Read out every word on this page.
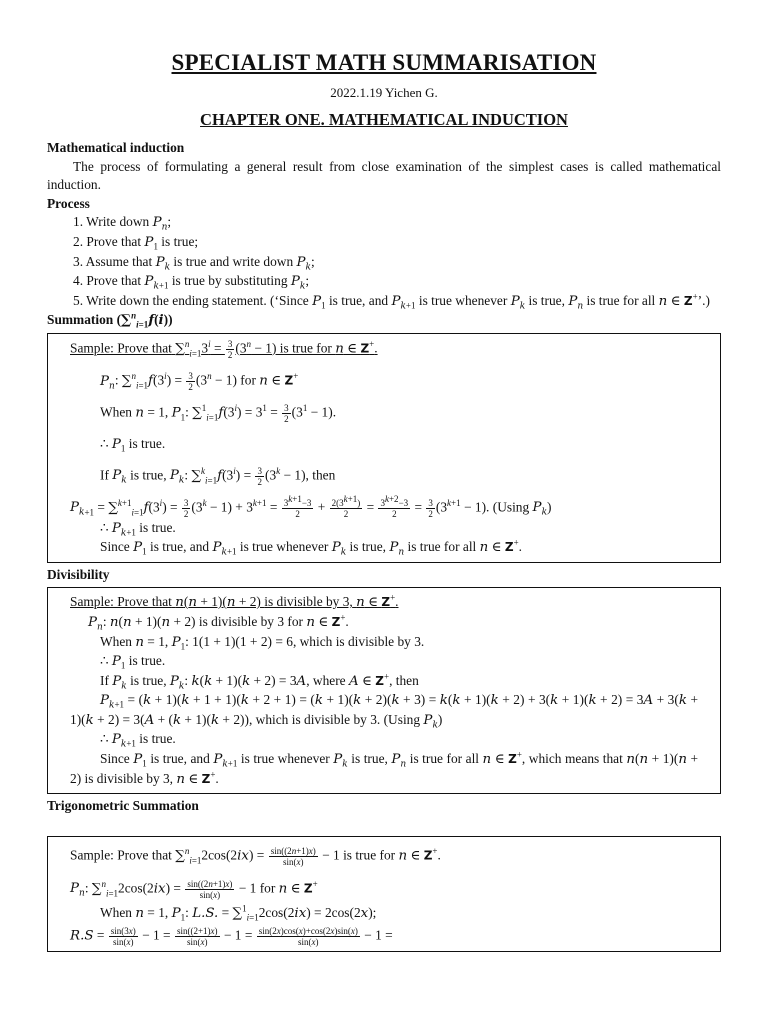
SPECIALIST MATH SUMMARISATION
2022.1.19 Yichen G.
CHAPTER ONE. MATHEMATICAL INDUCTION
Mathematical induction
The process of formulating a general result from close examination of the simplest cases is called mathematical induction.
Process
1. Write down $P_n$;
2. Prove that $P_1$ is true;
3. Assume that $P_k$ is true and write down $P_k$;
4. Prove that $P_{k+1}$ is true by substituting $P_k$;
5. Write down the ending statement. (‘Since $P_1$ is true, and $P_{k+1}$ is true whenever $P_k$ is true, $P_n$ is true for all n ∈ Z+’.)
Summation (∑$^n_{i=1}$f(i))
Sample: Prove that $\sum^n_{i=1}3^i = \frac{3}{2} (3^n - 1)$ is true for n ∈ Z+.
$P_n$: $\sum^n_{i=1}f(3^i) = \frac{3}{2} (3^n - 1)$ for n ∈ Z+
When n = 1, $P_1$: $\sum^1_{i=1}f(3^i) = 3^1 = \frac{3}{2} (3^1 - 1)$.
∴ $P_1$ is true.
If $P_k$ is true, $P_k$: $\sum^k_{i=1}f(3^i) = \frac{3}{2} (3^k - 1)$, then
$P_{k+1} = \sum^{k+1}_{i=1}f(3^i) = \frac{3}{2} (3^k - 1) + 3^{k+1} = \frac{3^{k+1}-3}{2} + \frac{2(3^{k+1})}{2} = \frac{3^{k+2}-3}{2} = \frac{3}{2} (3^{k+1} - 1)$. (Using $P_k$)
∴ $P_{k+1}$ is true.
Since $P_1$ is true, and $P_{k+1}$ is true whenever $P_k$ is true, $P_n$ is true for all n ∈ Z+.
Divisibility
Sample: Prove that n(n + 1)(n + 2) is divisible by 3, n ∈ Z+.
$P_n$: n(n + 1)(n + 2) is divisible by 3 for n ∈ Z+.
When n = 1, $P_1$: 1(1 + 1)(1 + 2) = 6, which is divisible by 3.
∴ $P_1$ is true.
If $P_k$ is true, $P_k$: k(k + 1)(k + 2) = 3A, where A ∈ Z+, then
$P_{k+1} = (k + 1)(k + 1 + 1)(k + 2 + 1) = (k + 1)(k + 2)(k + 3) = k(k + 1)(k + 2) + 3(k + 1)(k + 2) = 3A + 3(k + 1)(k + 2) = 3(A + (k + 1)(k + 2))$, which is divisible by 3. (Using $P_k$)
∴ $P_{k+1}$ is true.
Since $P_1$ is true, and $P_{k+1}$ is true whenever $P_k$ is true, $P_n$ is true for all n ∈ Z+, which means that n(n + 1)(n + 2) is divisible by 3, n ∈ Z+.
Trigonometric Summation
Sample: Prove that $\sum^n_{i=1}2\cos(2ix) = \frac{\sin((2n+1)x)}{\sin(x)} - 1$ is true for n ∈ Z+.
$P_n$: $\sum^n_{i=1}2\cos(2ix) = \frac{\sin((2n+1)x)}{\sin(x)} - 1$ for n ∈ Z+
When n = 1, $P_1$: L.S. = ∑$^1_{i=1}$2cos(2ix) = 2cos(2x);
$R.S = \frac{\sin(3x)}{\sin(x)} - 1 = \frac{\sin((2+1)x)}{\sin(x)} - 1 = \frac{\sin(2x)\cos(x)+\cos(2x)\sin(x)}{\sin(x)} - 1$ =
